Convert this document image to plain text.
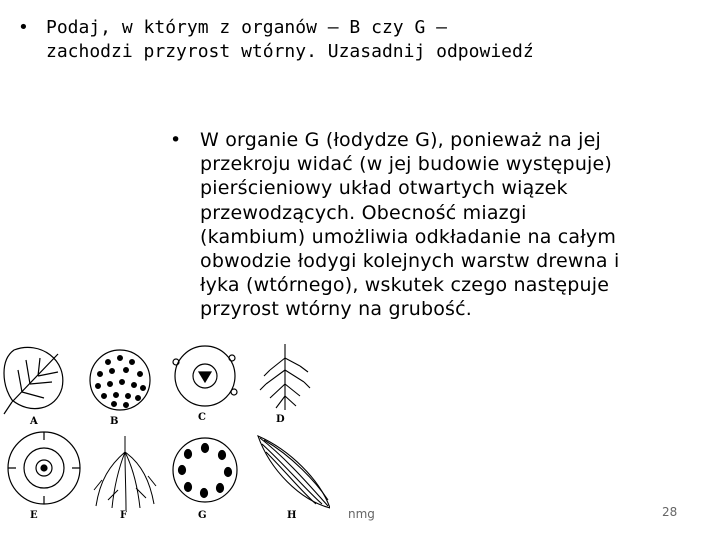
• Podaj, w którym z organów – B czy G –
zachodzi przyrost wtórny. Uzasadnij odpowiedź
• W organie G (łodydze G), ponieważ na jej
przekroju widać (w jej budowie występuje)
pierścieniowy układ otwartych wiązek
przewodzących. Obecność miazgi
(kambium) umożliwia odkładanie na całym
obwodzie łodygi kolejnych warstw drewna i
łyka (wtórnego), wskutek czego następuje
przyrost wtórny na grubość.
A	B	C	D
E	F	G	H	nmg	28
